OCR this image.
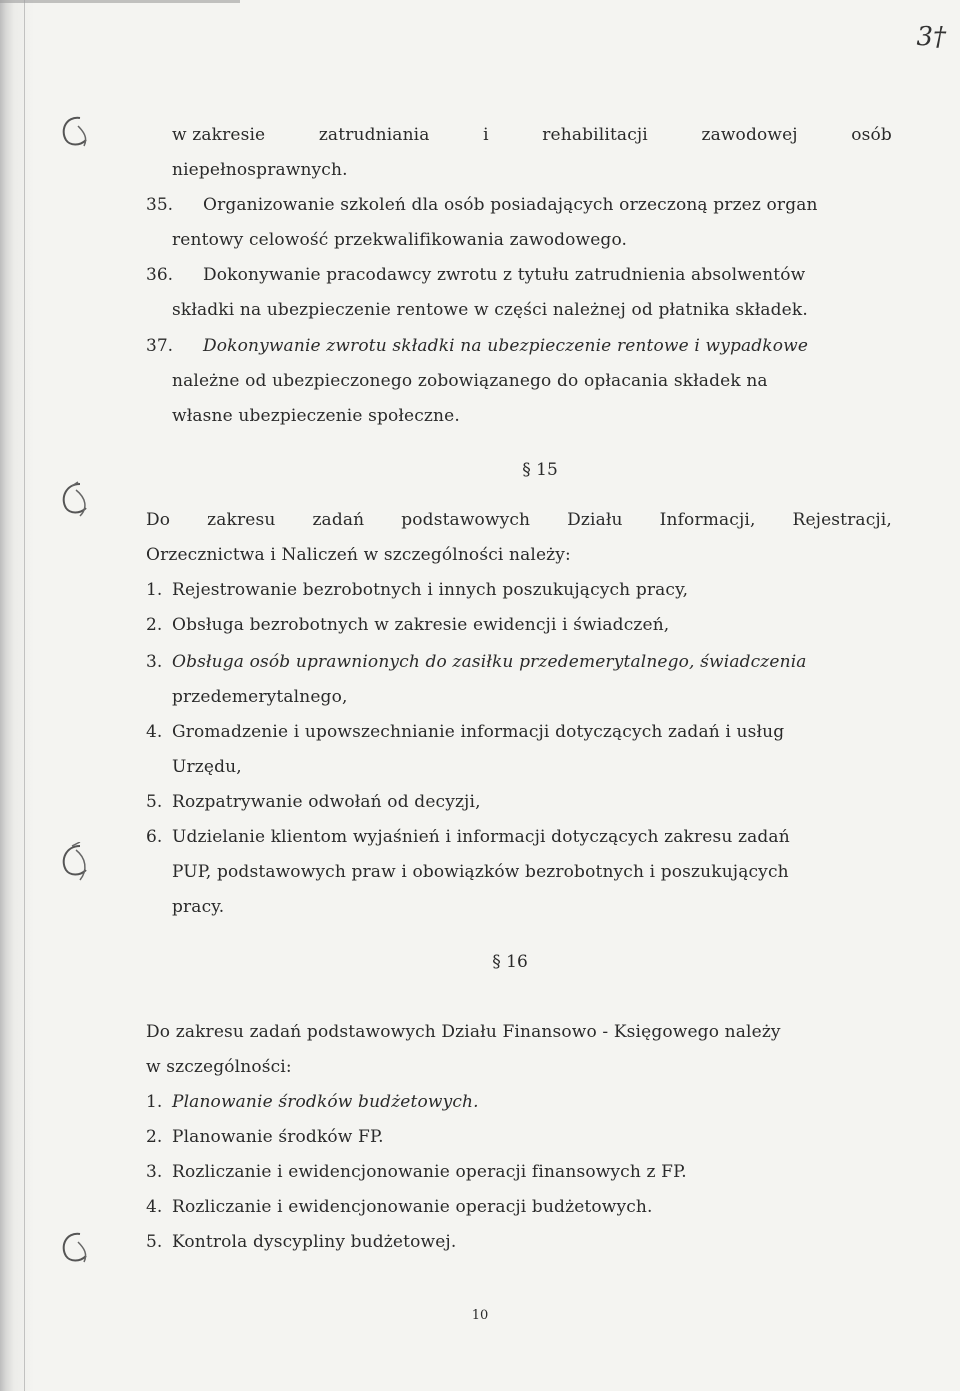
3†
w zakresie	zatrudniania	i	rehabilitacji	zawodowej	osób
niepełnosprawnych.
35. Organizowanie szkoleń dla osób posiadających orzeczoną przez organ
rentowy celowość przekwalifikowania zawodowego.
36. Dokonywanie pracodawcy zwrotu z tytułu zatrudnienia absolwentów
składki na ubezpieczenie rentowe w części należnej od płatnika składek.
37. Dokonywanie zwrotu składki na ubezpieczenie rentowe i wypadkowe
należne od ubezpieczonego zobowiązanego do opłacania składek na
własne ubezpieczenie społeczne.
§ 15
Do zakresu zadań podstawowych Działu Informacji, Rejestracji,
Orzecznictwa i Naliczeń w szczególności należy:
1. Rejestrowanie bezrobotnych i innych poszukujących pracy,
2. Obsługa bezrobotnych w zakresie ewidencji i świadczeń,
3. Obsługa osób uprawnionych do zasiłku przedemerytalnego, świadczenia
przedemerytalnego,
4. Gromadzenie i upowszechnianie informacji dotyczących zadań i usług
Urzędu,
5. Rozpatrywanie odwołań od decyzji,
6. Udzielanie klientom wyjaśnień i informacji dotyczących zakresu zadań
PUP, podstawowych praw i obowiązków bezrobotnych i poszukujących
pracy.
§ 16
Do zakresu zadań podstawowych Działu Finansowo - Księgowego należy
w szczególności:
1. Planowanie środków budżetowych.
2. Planowanie środków FP.
3. Rozliczanie i ewidencjonowanie operacji finansowych z FP.
4. Rozliczanie i ewidencjonowanie operacji budżetowych.
5. Kontrola dyscypliny budżetowej.
10
